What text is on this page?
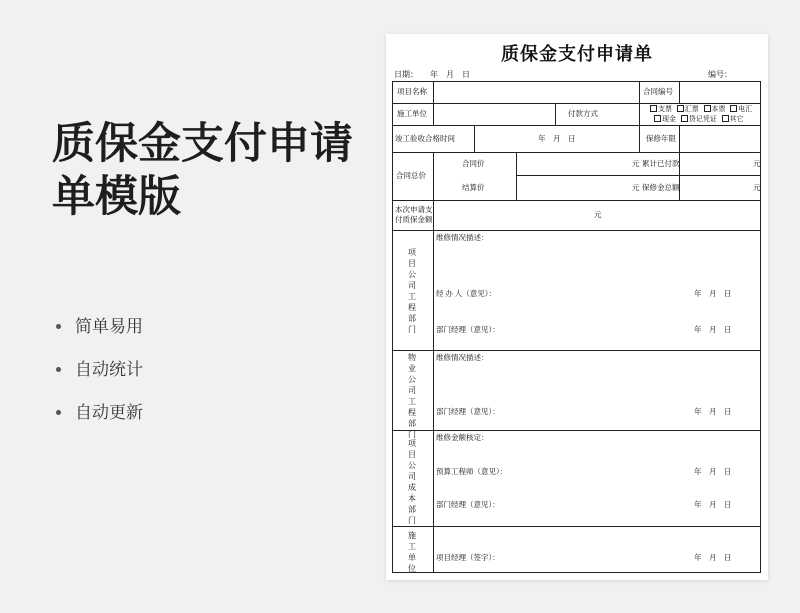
质保金支付申请
单模版
简单易用
自动统计
自动更新
质保金支付申请单
日期： 年　月　日	编号：
项目名称	合同编号
施工单位	付款方式	支票 汇票 本票 电汇
现金 贷记凭证 其它
竣工验收合格时间	年　月　日	保修年限
合同总价
合同价	元 累计已付款	元
结算价	元 保修金总额	元
本次申请支
付质保金额
元
项目公司工程部门
维修情况描述：
经 办 人（意见）：	年　月　日
部门经理（意见）：	年　月　日
物业公司工程部门
维修情况描述：
部门经理（意见）：	年　月　日
项目公司成本部门
维修金额核定：
预算工程师（意见）：	年　月　日
部门经理（意见）：	年　月　日
施工单位
项目经理（签字）：	年　月　日
